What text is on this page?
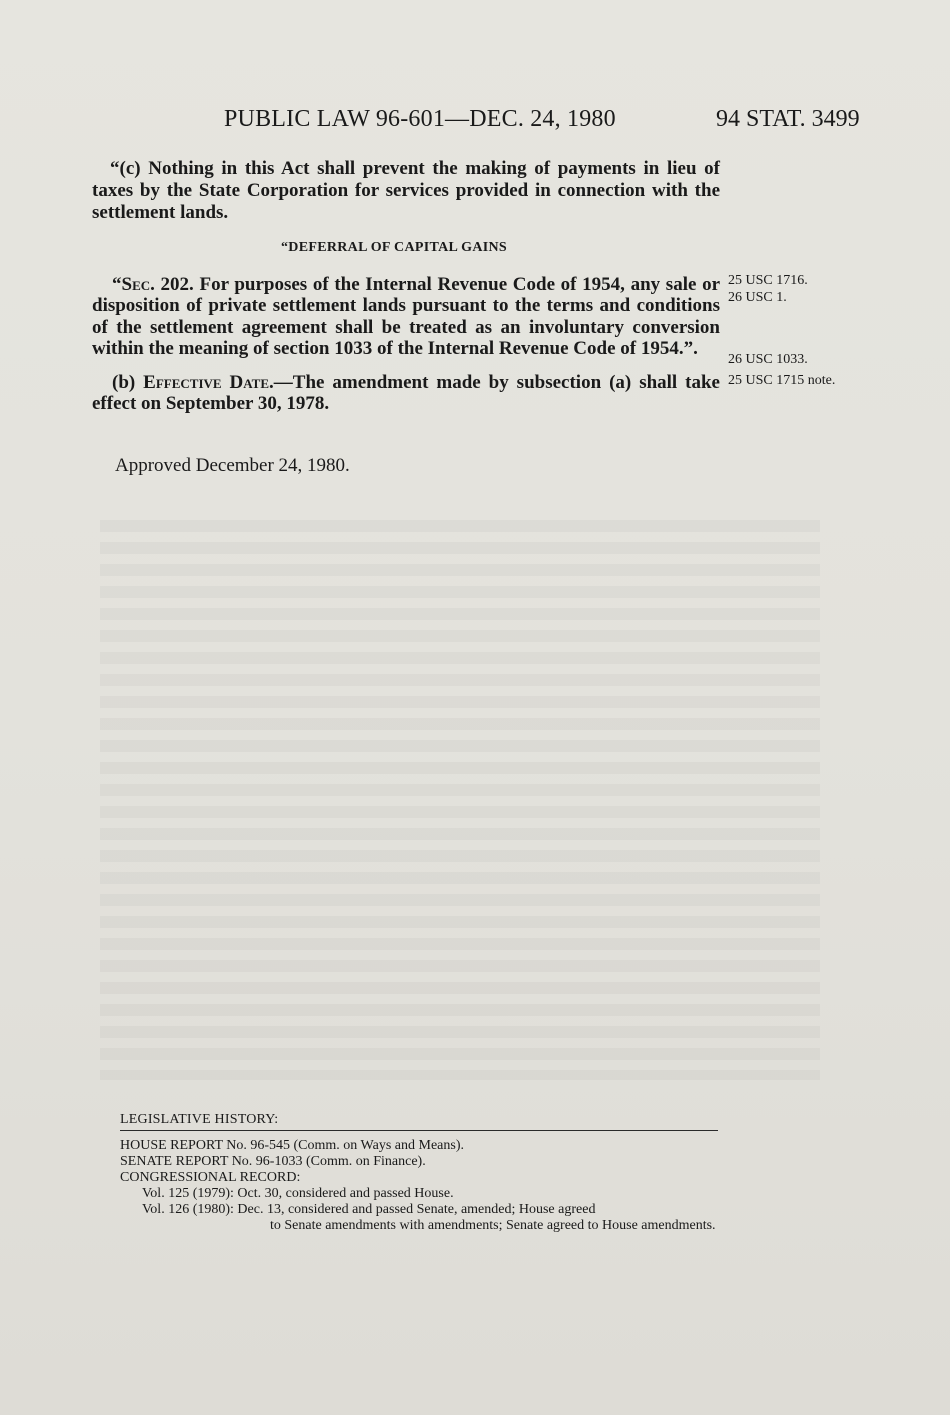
PUBLIC LAW 96-601—DEC. 24, 1980	94 STAT. 3499
“(c) Nothing in this Act shall prevent the making of payments in lieu of taxes by the State Corporation for services provided in connection with the settlement lands.
“DEFERRAL OF CAPITAL GAINS

“Sec. 202. For purposes of the Internal Revenue Code of 1954, any sale or disposition of private settlement lands pursuant to the terms and conditions of the settlement agreement shall be treated as an involuntary conversion within the meaning of section 1033 of the Internal Revenue Code of 1954.”.

(b) Effective Date.—The amendment made by subsection (a) shall take effect on September 30, 1978.

Approved December 24, 1980.
25 USC 1716.
26 USC 1.
26 USC 1033.
25 USC 1715 note.
LEGISLATIVE HISTORY:
HOUSE REPORT No. 96-545 (Comm. on Ways and Means).
SENATE REPORT No. 96-1033 (Comm. on Finance).
CONGRESSIONAL RECORD:
Vol. 125 (1979): Oct. 30, considered and passed House.
Vol. 126 (1980): Dec. 13, considered and passed Senate, amended; House agreed
to Senate amendments with amendments; Senate agreed to House amendments.
